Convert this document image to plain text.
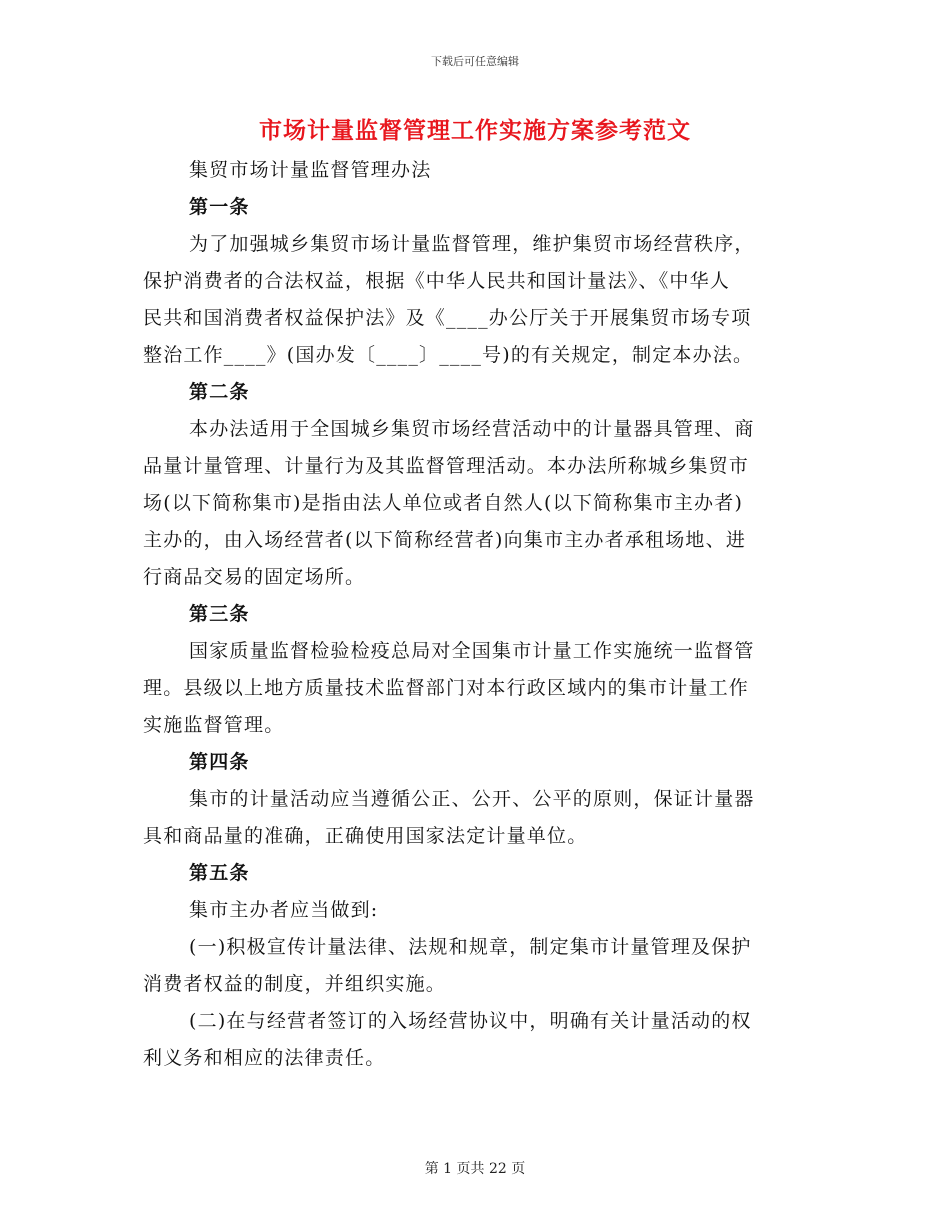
下载后可任意编辑
市场计量监督管理工作实施方案参考范文
集贸市场计量监督管理办法
第一条
为了加强城乡集贸市场计量监督管理，维护集贸市场经营秩序，
保护消费者的合法权益，根据《中华人民共和国计量法》、《中华人
民共和国消费者权益保护法》及《____办公厅关于开展集贸市场专项
整治工作____》(国办发〔____〕____号)的有关规定，制定本办法。
第二条
本办法适用于全国城乡集贸市场经营活动中的计量器具管理、商
品量计量管理、计量行为及其监督管理活动。本办法所称城乡集贸市
场(以下简称集市)是指由法人单位或者自然人(以下简称集市主办者)
主办的，由入场经营者(以下简称经营者)向集市主办者承租场地、进
行商品交易的固定场所。
第三条
国家质量监督检验检疫总局对全国集市计量工作实施统一监督管
理。县级以上地方质量技术监督部门对本行政区域内的集市计量工作
实施监督管理。
第四条
集市的计量活动应当遵循公正、公开、公平的原则，保证计量器
具和商品量的准确，正确使用国家法定计量单位。
第五条
集市主办者应当做到:
(一)积极宣传计量法律、法规和规章，制定集市计量管理及保护
消费者权益的制度，并组织实施。
(二)在与经营者签订的入场经营协议中，明确有关计量活动的权
利义务和相应的法律责任。
第 1 页共 22 页
